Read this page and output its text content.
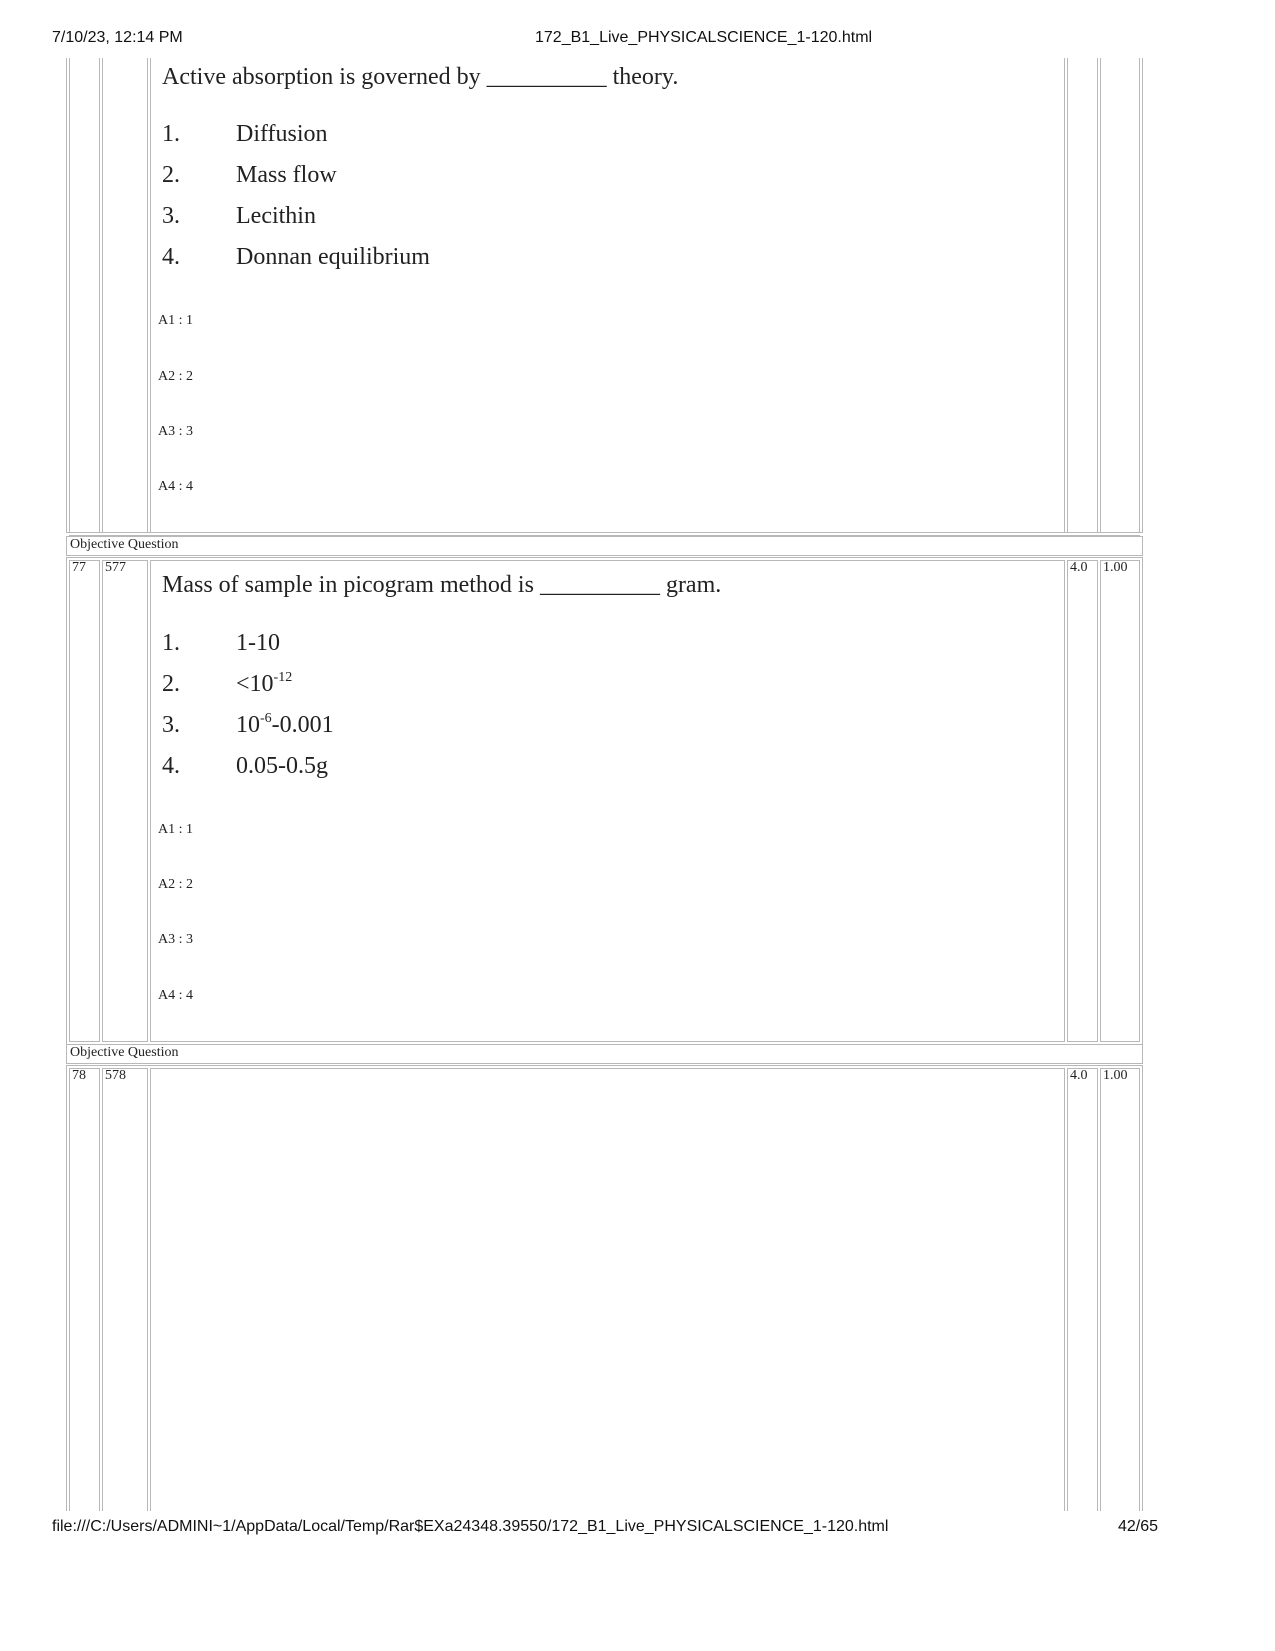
7/10/23, 12:14 PM	172_B1_Live_PHYSICALSCIENCE_1-120.html
Active absorption is governed by __________ theory.
1. Diffusion
2. Mass flow
3. Lecithin
4. Donnan equilibrium
A1 : 1
A2 : 2
A3 : 3
A4 : 4
Objective Question
77 577	4.0 1.00
Mass of sample in picogram method is __________ gram.
1. 1-10
2. $<10^{-12}$
3. $10^{-6}-0.001$
4. 0.05-0.5g
A1 : 1
A2 : 2
A3 : 3
A4 : 4
Objective Question
78 578	4.0 1.00
file:///C:/Users/ADMINI~1/AppData/Local/Temp/Rar$EXa24348.39550/172_B1_Live_PHYSICALSCIENCE_1-120.html	42/65
